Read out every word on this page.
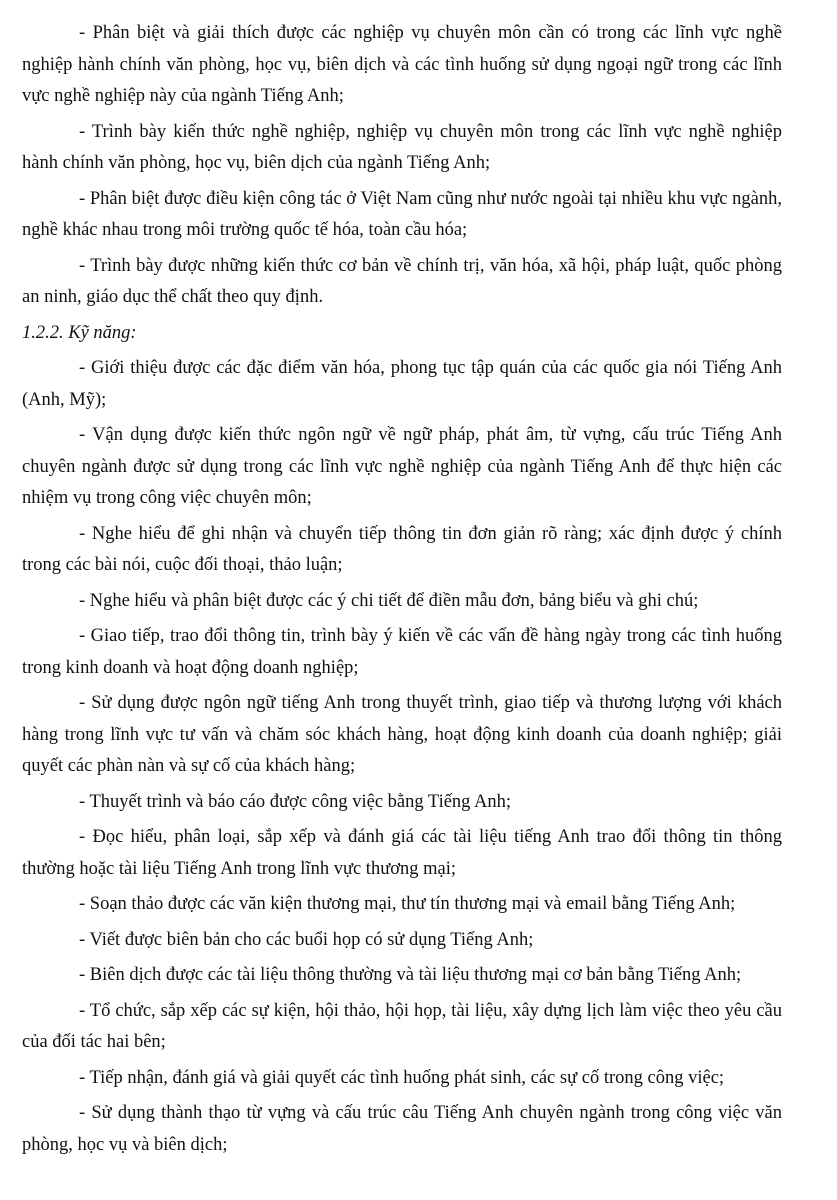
- Phân biệt và giải thích được các nghiệp vụ chuyên môn cần có trong các lĩnh vực nghề nghiệp hành chính văn phòng, học vụ, biên dịch và các tình huống sử dụng ngoại ngữ trong các lĩnh vực nghề nghiệp này của ngành Tiếng Anh;

- Trình bày kiến thức nghề nghiệp, nghiệp vụ chuyên môn trong các lĩnh vực nghề nghiệp hành chính văn phòng, học vụ, biên dịch của ngành Tiếng Anh;

- Phân biệt được điều kiện công tác ở Việt Nam cũng như nước ngoài tại nhiều khu vực ngành, nghề khác nhau trong môi trường quốc tế hóa, toàn cầu hóa;

- Trình bày được những kiến thức cơ bản về chính trị, văn hóa, xã hội, pháp luật, quốc phòng an ninh, giáo dục thể chất theo quy định.

1.2.2. Kỹ năng:

- Giới thiệu được các đặc điểm văn hóa, phong tục tập quán của các quốc gia nói Tiếng Anh (Anh, Mỹ);

- Vận dụng được kiến thức ngôn ngữ về ngữ pháp, phát âm, từ vựng, cấu trúc Tiếng Anh chuyên ngành được sử dụng trong các lĩnh vực nghề nghiệp của ngành Tiếng Anh để thực hiện các nhiệm vụ trong công việc chuyên môn;

- Nghe hiểu để ghi nhận và chuyển tiếp thông tin đơn giản rõ ràng; xác định được ý chính trong các bài nói, cuộc đối thoại, thảo luận;

- Nghe hiểu và phân biệt được các ý chi tiết để điền mẫu đơn, bảng biểu và ghi chú;

- Giao tiếp, trao đổi thông tin, trình bày ý kiến về các vấn đề hàng ngày trong các tình huống trong kinh doanh và hoạt động doanh nghiệp;

- Sử dụng được ngôn ngữ tiếng Anh trong thuyết trình, giao tiếp và thương lượng với khách hàng trong lĩnh vực tư vấn và chăm sóc khách hàng, hoạt động kinh doanh của doanh nghiệp; giải quyết các phàn nàn và sự cố của khách hàng;

- Thuyết trình và báo cáo được công việc bằng Tiếng Anh;

- Đọc hiểu, phân loại, sắp xếp và đánh giá các tài liệu tiếng Anh trao đổi thông tin thông thường hoặc tài liệu Tiếng Anh trong lĩnh vực thương mại;

- Soạn thảo được các văn kiện thương mại, thư tín thương mại và email bằng Tiếng Anh;

- Viết được biên bản cho các buổi họp có sử dụng Tiếng Anh;

- Biên dịch được các tài liệu thông thường và tài liệu thương mại cơ bản bằng Tiếng Anh;

- Tổ chức, sắp xếp các sự kiện, hội thảo, hội họp, tài liệu, xây dựng lịch làm việc theo yêu cầu của đối tác hai bên;

- Tiếp nhận, đánh giá và giải quyết các tình huống phát sinh, các sự cố trong công việc;

- Sử dụng thành thạo từ vựng và cấu trúc câu Tiếng Anh chuyên ngành trong công việc văn phòng, học vụ và biên dịch;
